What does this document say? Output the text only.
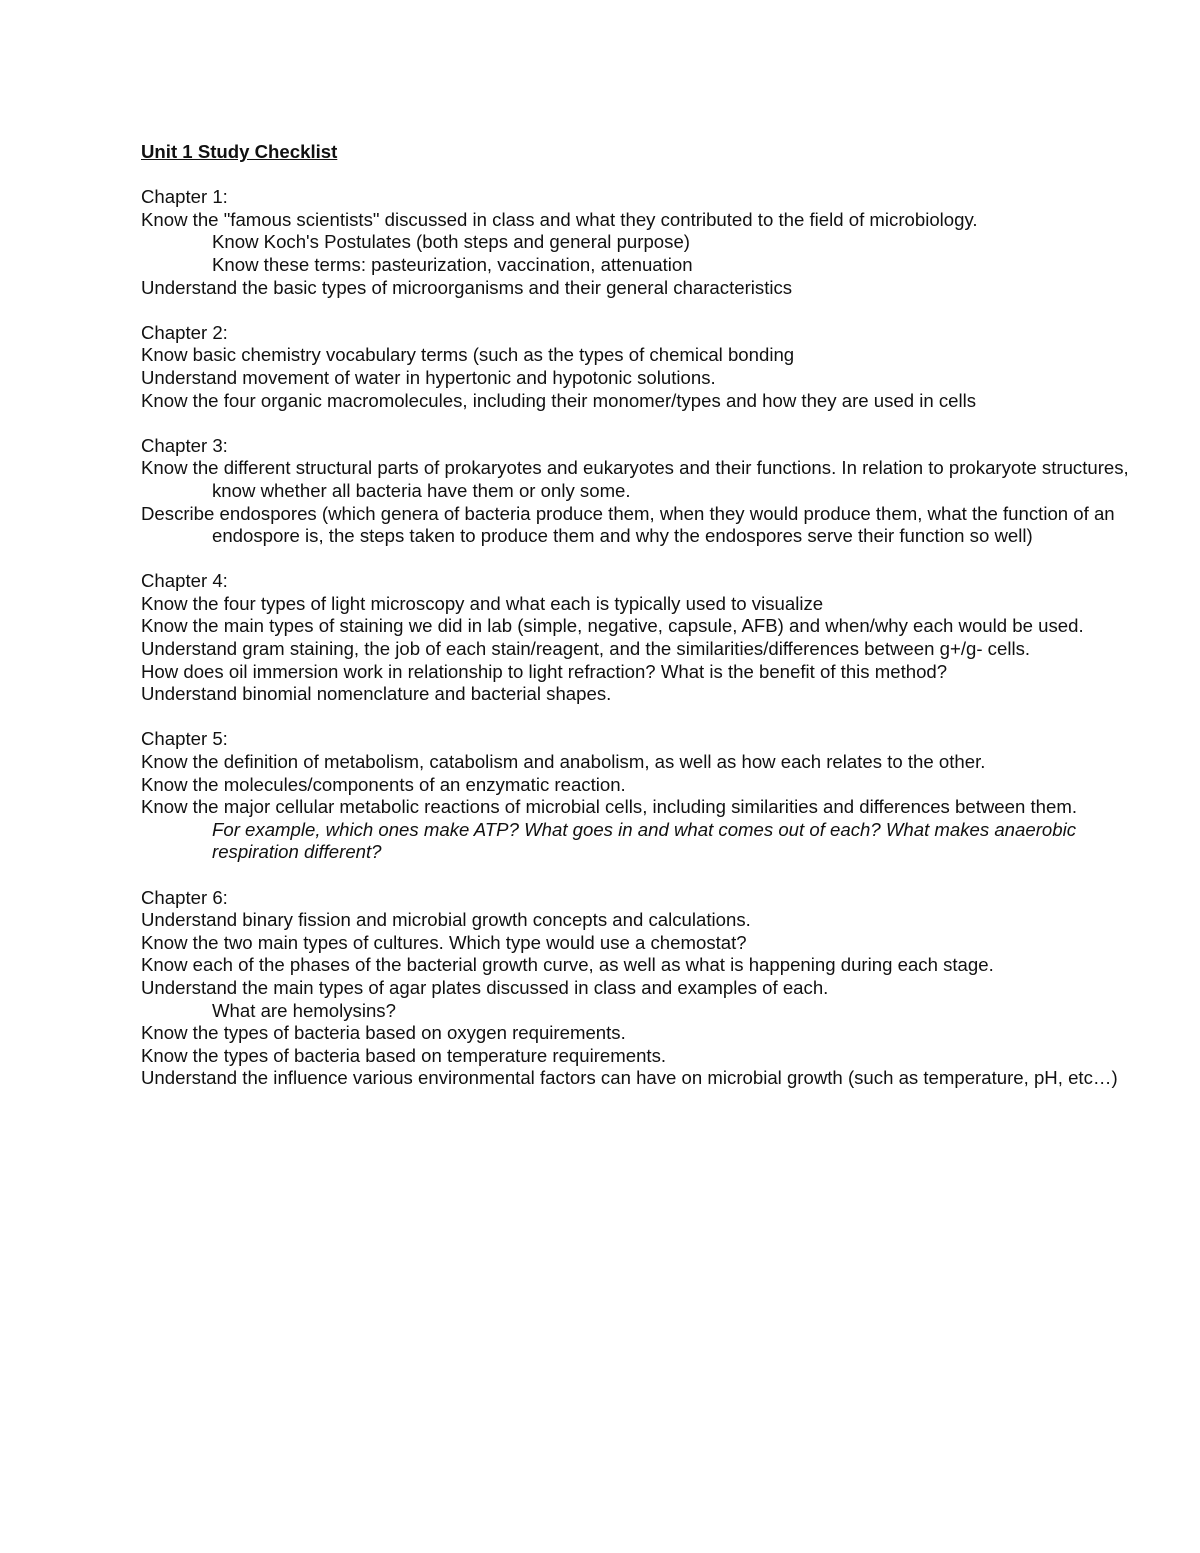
Unit 1 Study Checklist

Chapter 1:

Know the "famous scientists" discussed in class and what they contributed to the field of microbiology.

Know Koch's Postulates (both steps and general purpose)

Know these terms: pasteurization, vaccination, attenuation

Understand the basic types of microorganisms and their general characteristics

Chapter 2:

Know basic chemistry vocabulary terms (such as the types of chemical bonding

Understand movement of water in hypertonic and hypotonic solutions.

Know the four organic macromolecules, including their monomer/types and how they are used in cells

Chapter 3:

Know the different structural parts of prokaryotes and eukaryotes and their functions. In relation to prokaryote structures, know whether all bacteria have them or only some.

Describe endospores (which genera of bacteria produce them, when they would produce them, what the function of an endospore is, the steps taken to produce them and why the endospores serve their function so well)

Chapter 4:

Know the four types of light microscopy and what each is typically used to visualize

Know the main types of staining we did in lab (simple, negative, capsule, AFB) and when/why each would be used.

Understand gram staining, the job of each stain/reagent, and the similarities/differences between g+/g- cells.

How does oil immersion work in relationship to light refraction? What is the benefit of this method?

Understand binomial nomenclature and bacterial shapes.

Chapter 5:

Know the definition of metabolism, catabolism and anabolism, as well as how each relates to the other.

Know the molecules/components of an enzymatic reaction.

Know the major cellular metabolic reactions of microbial cells, including similarities and differences between them.

For example, which ones make ATP? What goes in and what comes out of each? What makes anaerobic respiration different?

Chapter 6:

Understand binary fission and microbial growth concepts and calculations.

Know the two main types of cultures. Which type would use a chemostat?

Know each of the phases of the bacterial growth curve, as well as what is happening during each stage.

Understand the main types of agar plates discussed in class and examples of each.

What are hemolysins?

Know the types of bacteria based on oxygen requirements.

Know the types of bacteria based on temperature requirements.

Understand the influence various environmental factors can have on microbial growth (such as temperature, pH, etc…)
